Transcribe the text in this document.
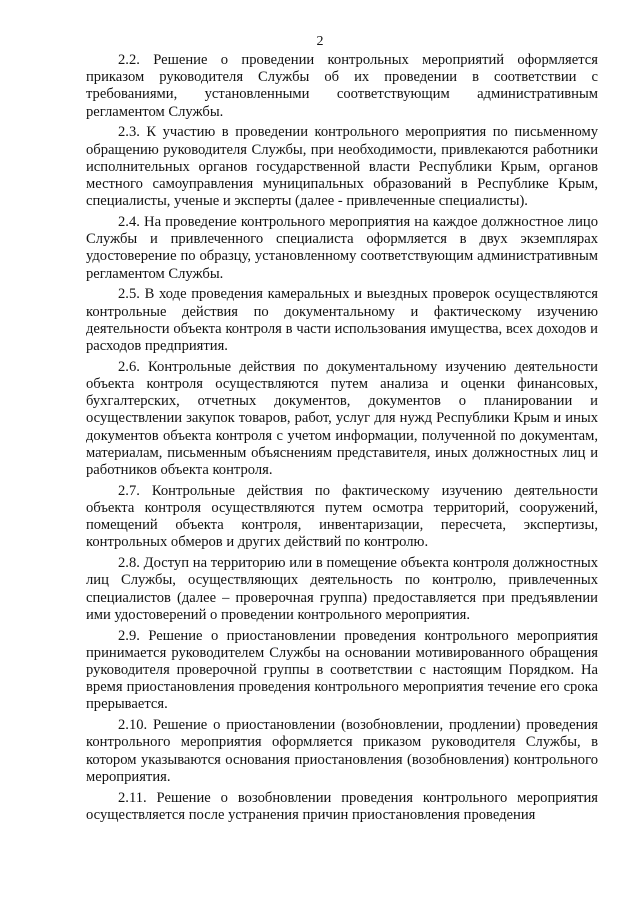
2

2.2. Решение о проведении контрольных мероприятий оформляется приказом руководителя Службы об их проведении в соответствии с требованиями, установленными соответствующим административным регламентом Службы.

2.3. К участию в проведении контрольного мероприятия по письменному обращению руководителя Службы, при необходимости, привлекаются работники исполнительных органов государственной власти Республики Крым, органов местного самоуправления муниципальных образований в Республике Крым, специалисты, ученые и эксперты (далее - привлеченные специалисты).

2.4. На проведение контрольного мероприятия на каждое должностное лицо Службы и привлеченного специалиста оформляется в двух экземплярах удостоверение по образцу, установленному соответствующим административным регламентом Службы.

2.5. В ходе проведения камеральных и выездных проверок осуществляются контрольные действия по документальному и фактическому изучению деятельности объекта контроля в части использования имущества, всех доходов и расходов предприятия.

2.6. Контрольные действия по документальному изучению деятельности объекта контроля осуществляются путем анализа и оценки финансовых, бухгалтерских, отчетных документов, документов о планировании и осуществлении закупок товаров, работ, услуг для нужд Республики Крым и иных документов объекта контроля с учетом информации, полученной по документам, материалам, письменным объяснениям представителя, иных должностных лиц и работников объекта контроля.

2.7. Контрольные действия по фактическому изучению деятельности объекта контроля осуществляются путем осмотра территорий, сооружений, помещений объекта контроля, инвентаризации, пересчета, экспертизы, контрольных обмеров и других действий по контролю.

2.8. Доступ на территорию или в помещение объекта контроля должностных лиц Службы, осуществляющих деятельность по контролю, привлеченных специалистов (далее – проверочная группа) предоставляется при предъявлении ими удостоверений о проведении контрольного мероприятия.

2.9. Решение о приостановлении проведения контрольного мероприятия принимается руководителем Службы на основании мотивированного обращения руководителя проверочной группы в соответствии с настоящим Порядком. На время приостановления проведения контрольного мероприятия течение его срока прерывается.

2.10. Решение о приостановлении (возобновлении, продлении) проведения контрольного мероприятия оформляется приказом руководителя Службы, в котором указываются основания приостановления (возобновления) контрольного мероприятия.

2.11. Решение о возобновлении проведения контрольного мероприятия осуществляется после устранения причин приостановления проведения
